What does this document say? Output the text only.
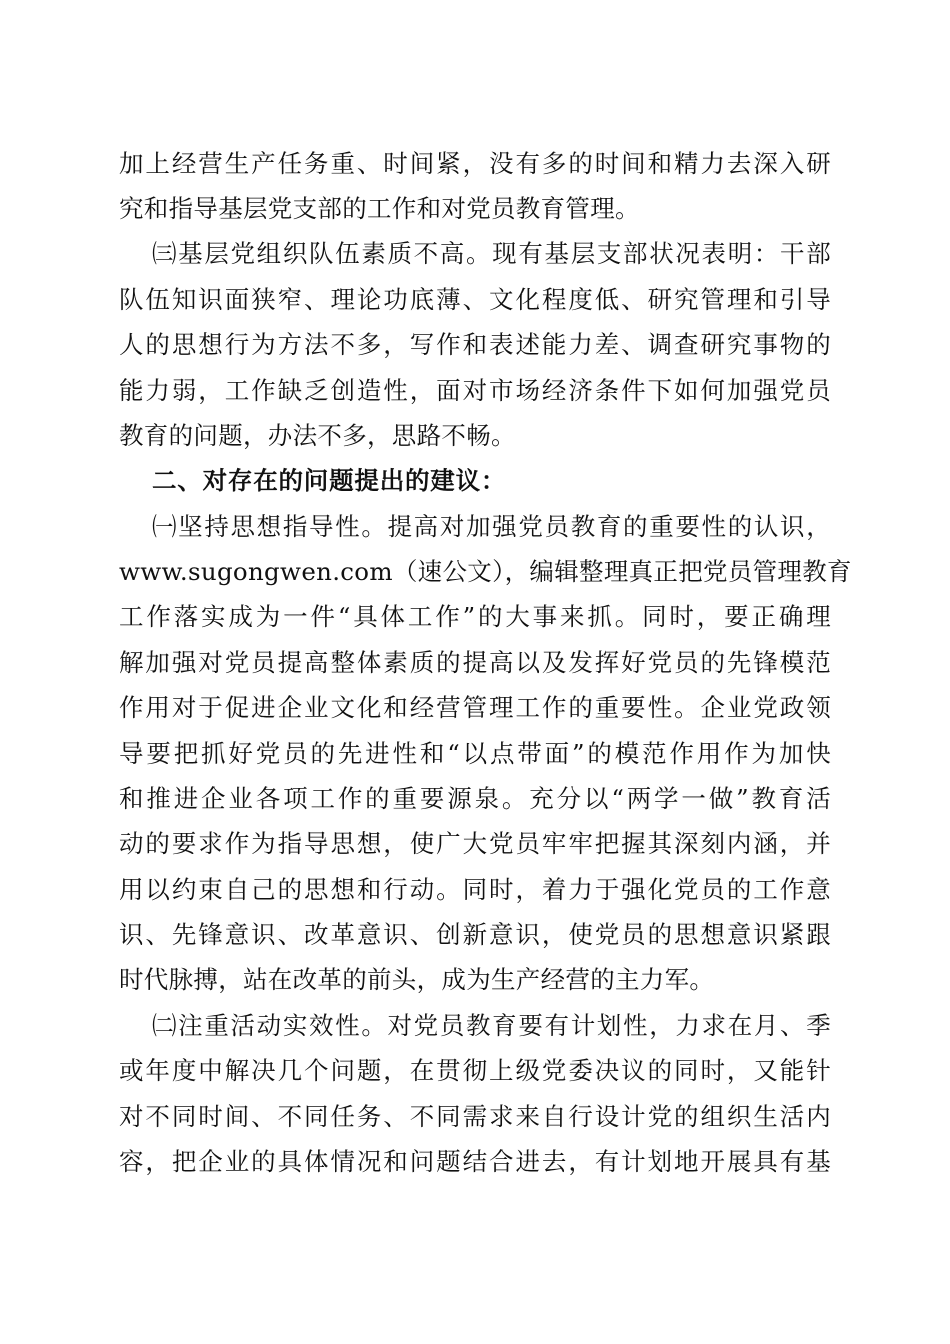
加上经营生产任务重、时间紧，没有多的时间和精力去深入研

究和指导基层党支部的工作和对党员教育管理。

㈢基层党组织队伍素质不高。现有基层支部状况表明：干部

队伍知识面狭窄、理论功底薄、文化程度低、研究管理和引导

人的思想行为方法不多，写作和表述能力差、调查研究事物的

能力弱，工作缺乏创造性，面对市场经济条件下如何加强党员

教育的问题，办法不多，思路不畅。

二、对存在的问题提出的建议：

㈠坚持思想指导性。提高对加强党员教育的重要性的认识，

www.sugongwen.com（速公文），编辑整理真正把党员管理教育

工作落实成为一件“具体工作”的大事来抓。同时，要正确理

解加强对党员提高整体素质的提高以及发挥好党员的先锋模范

作用对于促进企业文化和经营管理工作的重要性。企业党政领

导要把抓好党员的先进性和“以点带面”的模范作用作为加快

和推进企业各项工作的重要源泉。充分以“两学一做”教育活

动的要求作为指导思想，使广大党员牢牢把握其深刻内涵，并

用以约束自己的思想和行动。同时，着力于强化党员的工作意

识、先锋意识、改革意识、创新意识，使党员的思想意识紧跟

时代脉搏，站在改革的前头，成为生产经营的主力军。

㈡注重活动实效性。对党员教育要有计划性，力求在月、季

或年度中解决几个问题，在贯彻上级党委决议的同时，又能针

对不同时间、不同任务、不同需求来自行设计党的组织生活内

容，把企业的具体情况和问题结合进去，有计划地开展具有基
